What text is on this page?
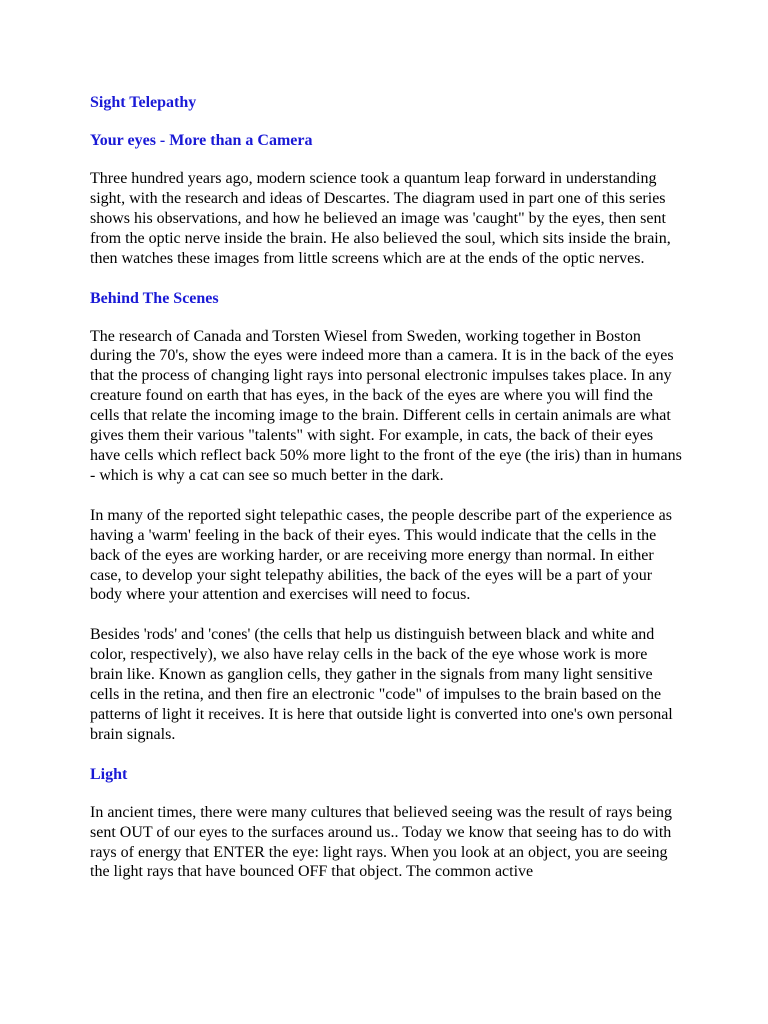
Sight Telepathy
Your eyes - More than a Camera

Three hundred years ago, modern science took a quantum leap forward in understanding sight, with the research and ideas of Descartes. The diagram used in part one of this series shows his observations, and how he believed an image was 'caught" by the eyes, then sent from the optic nerve inside the brain. He also believed the soul, which sits inside the brain, then watches these images from little screens which are at the ends of the optic nerves.

Behind The Scenes

The research of Canada and Torsten Wiesel from Sweden, working together in Boston during the 70's, show the eyes were indeed more than a camera. It is in the back of the eyes that the process of changing light rays into personal electronic impulses takes place. In any creature found on earth that has eyes, in the back of the eyes are where you will find the cells that relate the incoming image to the brain. Different cells in certain animals are what gives them their various "talents" with sight. For example, in cats, the back of their eyes have cells which reflect back 50% more light to the front of the eye (the iris) than in humans - which is why a cat can see so much better in the dark.

In many of the reported sight telepathic cases, the people describe part of the experience as having a 'warm' feeling in the back of their eyes. This would indicate that the cells in the back of the eyes are working harder, or are receiving more energy than normal. In either case, to develop your sight telepathy abilities, the back of the eyes will be a part of your body where your attention and exercises will need to focus.

Besides 'rods' and 'cones' (the cells that help us distinguish between black and white and color, respectively), we also have relay cells in the back of the eye whose work is more brain like. Known as ganglion cells, they gather in the signals from many light sensitive cells in the retina, and then fire an electronic "code" of impulses to the brain based on the patterns of light it receives. It is here that outside light is converted into one's own personal brain signals.

Light

In ancient times, there were many cultures that believed seeing was the result of rays being sent OUT of our eyes to the surfaces around us.. Today we know that seeing has to do with rays of energy that ENTER the eye: light rays. When you look at an object, you are seeing the light rays that have bounced OFF that object. The common active
